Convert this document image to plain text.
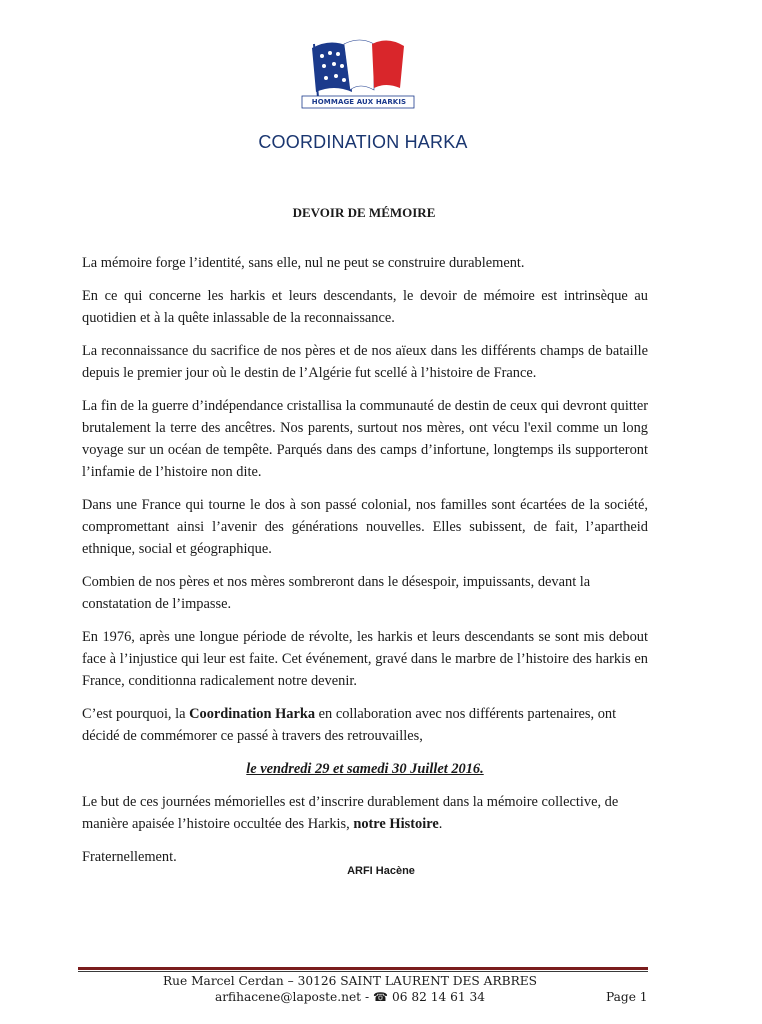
HOMMAGE AUX HARKIS
COORDINATION HARKA
DEVOIR DE MÉMOIRE

La mémoire forge l’identité, sans elle, nul ne peut se construire durablement.

En ce qui concerne les harkis et leurs descendants, le devoir de mémoire est intrinsèque au quotidien et à la quête inlassable de la reconnaissance.

La reconnaissance du sacrifice de nos pères et de nos aïeux dans les différents champs de bataille depuis le premier jour où le destin de l’Algérie fut scellé à l’histoire de France.

La fin de la guerre d’indépendance cristallisa la communauté de destin de ceux qui devront quitter brutalement la terre des ancêtres. Nos parents, surtout nos mères, ont vécu l'exil comme un long voyage sur un océan de tempête. Parqués dans des camps d’infortune, longtemps ils supporteront l’infamie de l’histoire non dite.

Dans une France qui tourne le dos à son passé colonial, nos familles sont écartées de la société, compromettant ainsi l’avenir des générations nouvelles. Elles subissent, de fait, l’apartheid ethnique, social et géographique.

Combien de nos pères et nos mères sombreront dans le désespoir, impuissants, devant la constatation de l’impasse.

En 1976, après une longue période de révolte, les harkis et leurs descendants se sont mis debout face à l’injustice qui leur est faite. Cet événement, gravé dans le marbre de l’histoire des harkis en France, conditionna radicalement notre devenir.

C’est pourquoi, la Coordination Harka en collaboration avec nos différents partenaires, ont décidé de commémorer ce passé à travers des retrouvailles,

le vendredi 29 et samedi 30 Juillet 2016.

Le but de ces journées mémorielles est d’inscrire durablement dans la mémoire collective, de manière apaisée l’histoire occultée des Harkis, notre Histoire.

Fraternellement.

ARFI Hacène
Rue Marcel Cerdan – 30126 SAINT LAURENT DES ARBRES
arfihacene@laposte.net - ☎ 06 82 14 61 34	Page 1
